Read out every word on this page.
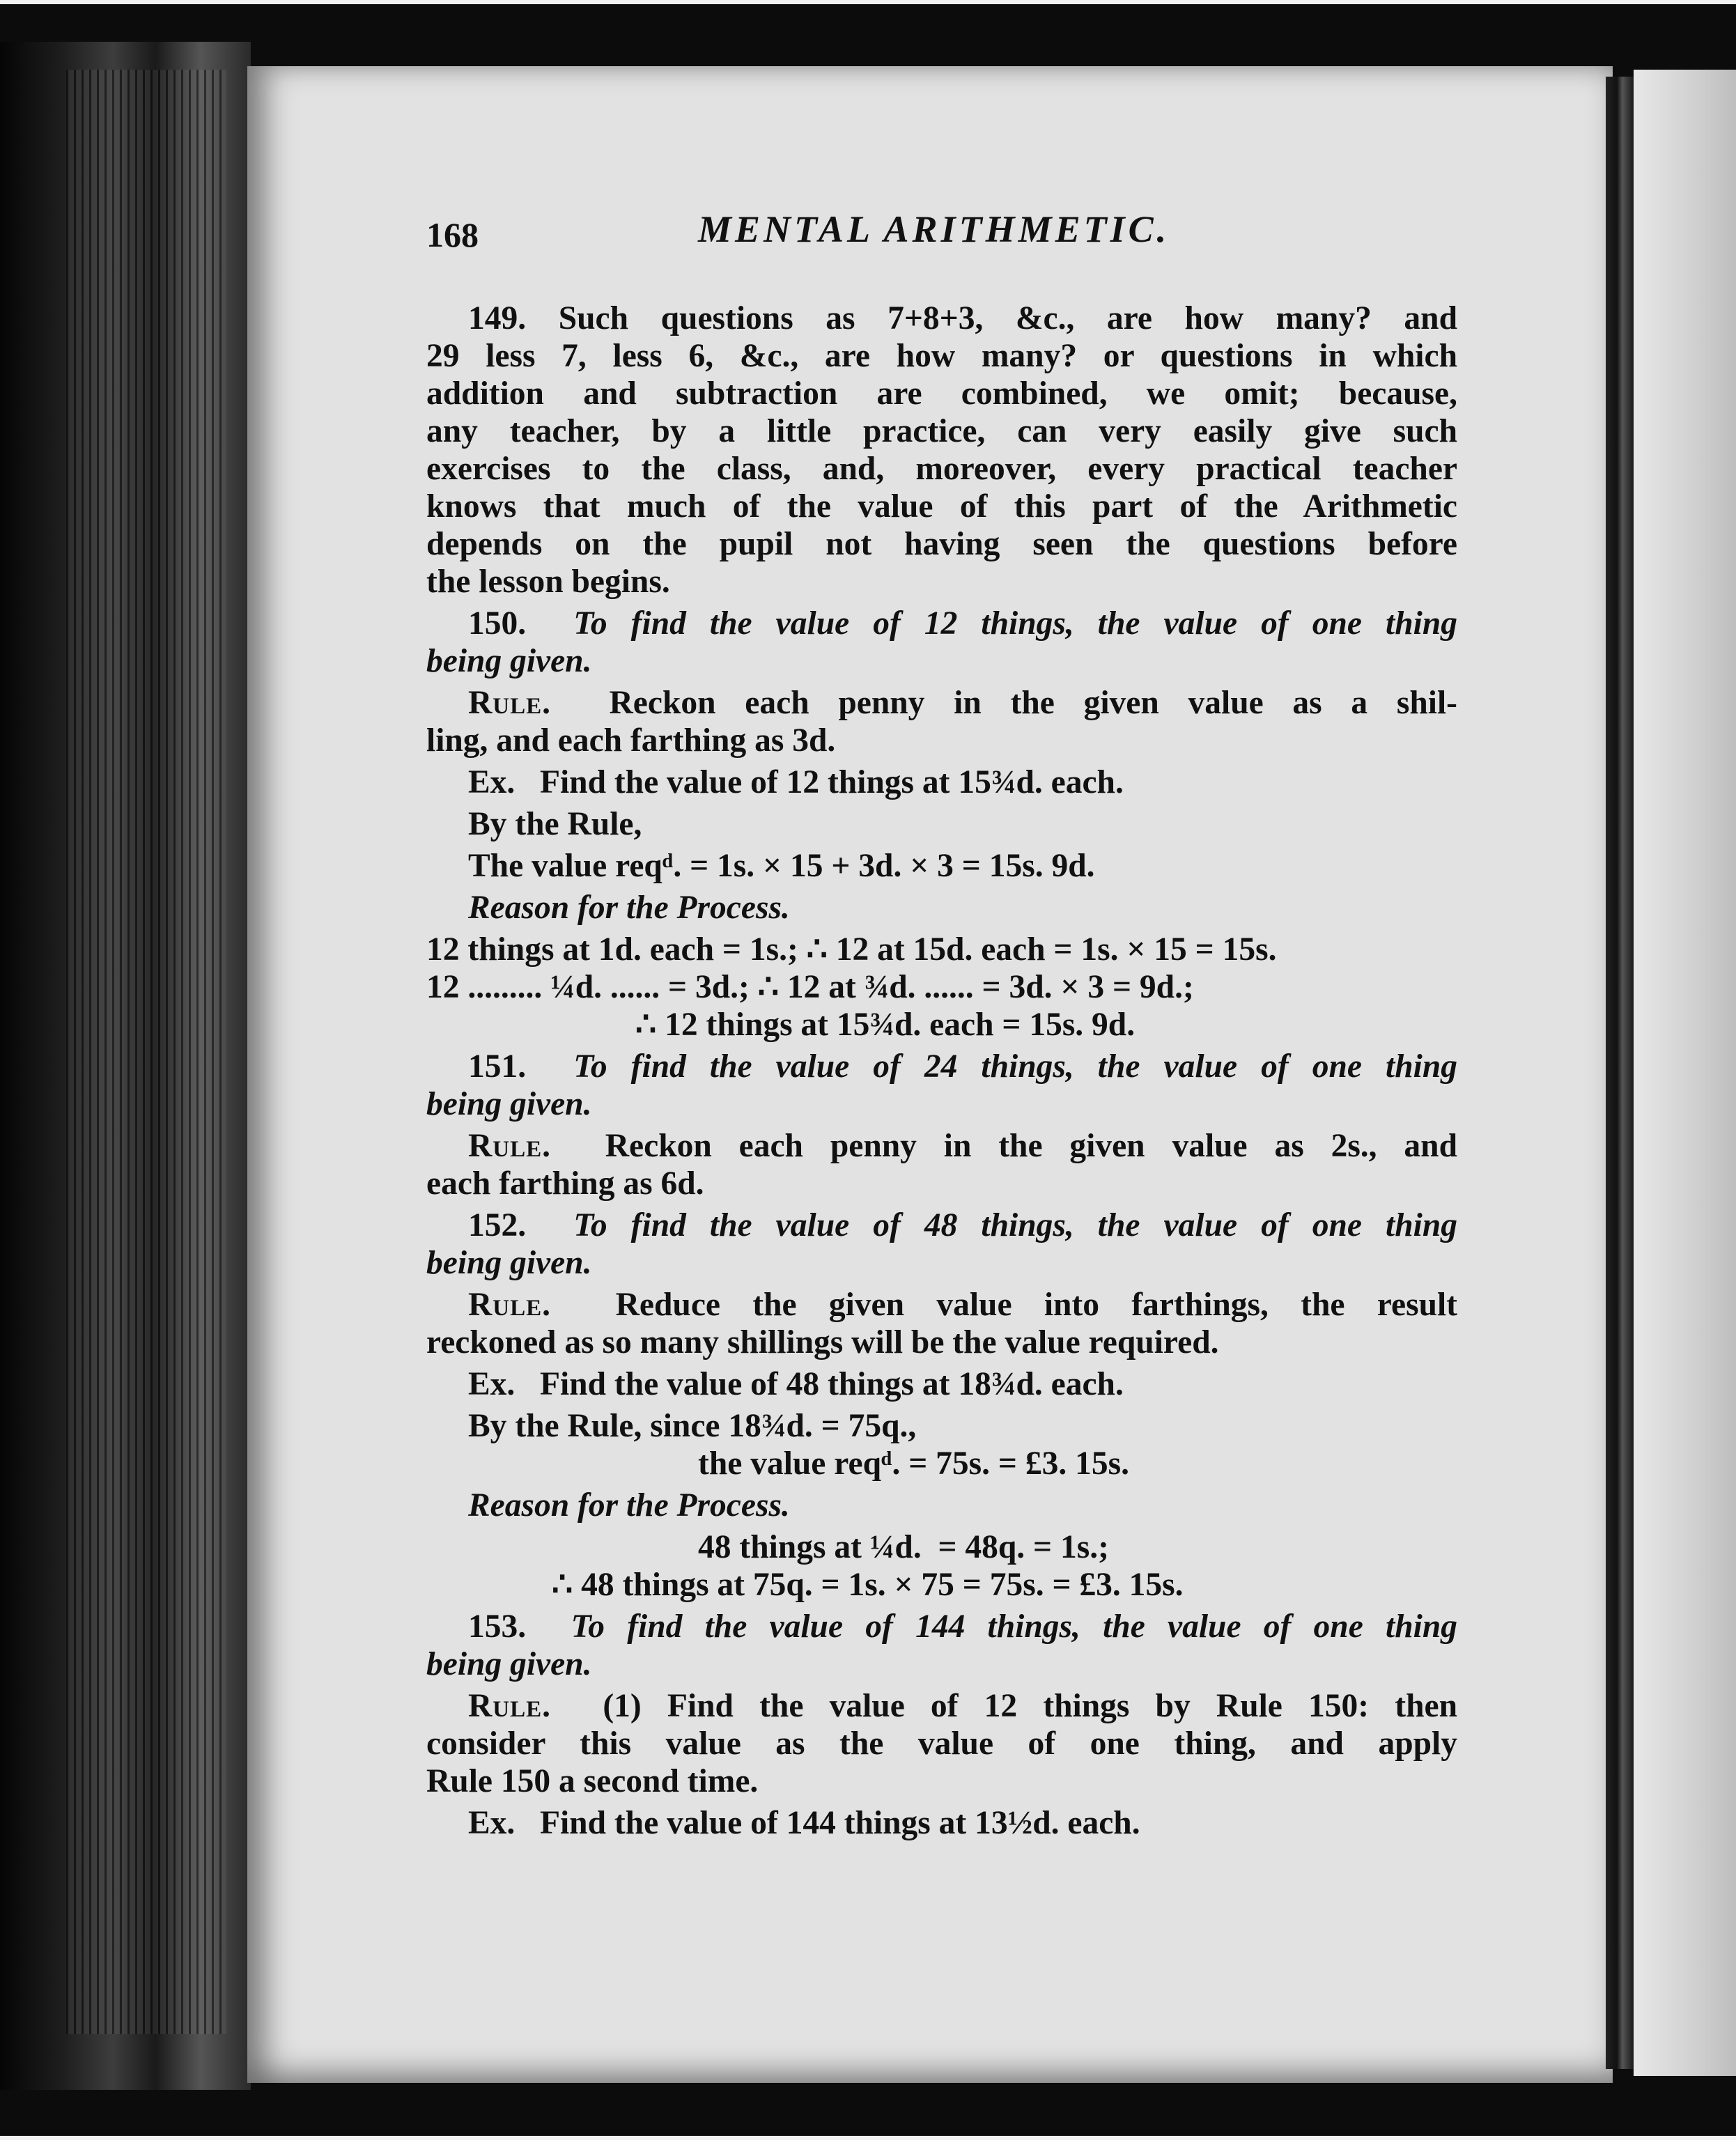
168	MENTAL ARITHMETIC.

149. Such questions as 7+8+3, &c., are how many? and

29 less 7, less 6, &c., are how many? or questions in which

addition and subtraction are combined, we omit; because,

any teacher, by a little practice, can very easily give such

exercises to the class, and, moreover, every practical teacher

knows that much of the value of this part of the Arithmetic

depends on the pupil not having seen the questions before

the lesson begins.

150. To find the value of 12 things, the value of one thing

being given.

Rule. Reckon each penny in the given value as a shil-

ling, and each farthing as 3d.

Ex. Find the value of 12 things at 15¾d. each.

By the Rule,

The value reqᵈ. = 1s. × 15 + 3d. × 3 = 15s. 9d.

Reason for the Process.

12 things at 1d. each = 1s.; ∴ 12 at 15d. each = 1s. × 15 = 15s.

12 ......... ¼d. ...... = 3d.; ∴ 12 at ¾d. ...... = 3d. × 3 = 9d.;

∴ 12 things at 15¾d. each = 15s. 9d.

151. To find the value of 24 things, the value of one thing

being given.

Rule. Reckon each penny in the given value as 2s., and

each farthing as 6d.

152. To find the value of 48 things, the value of one thing

being given.

Rule. Reduce the given value into farthings, the result

reckoned as so many shillings will be the value required.

Ex. Find the value of 48 things at 18¾d. each.

By the Rule, since 18¾d. = 75q.,

the value reqᵈ. = 75s. = £3. 15s.

Reason for the Process.

48 things at ¼d.  = 48q. = 1s.;

∴ 48 things at 75q. = 1s. × 75 = 75s. = £3. 15s.

153. To find the value of 144 things, the value of one thing

being given.

Rule. (1) Find the value of 12 things by Rule 150: then

consider this value as the value of one thing, and apply

Rule 150 a second time.

Ex. Find the value of 144 things at 13½d. each.
